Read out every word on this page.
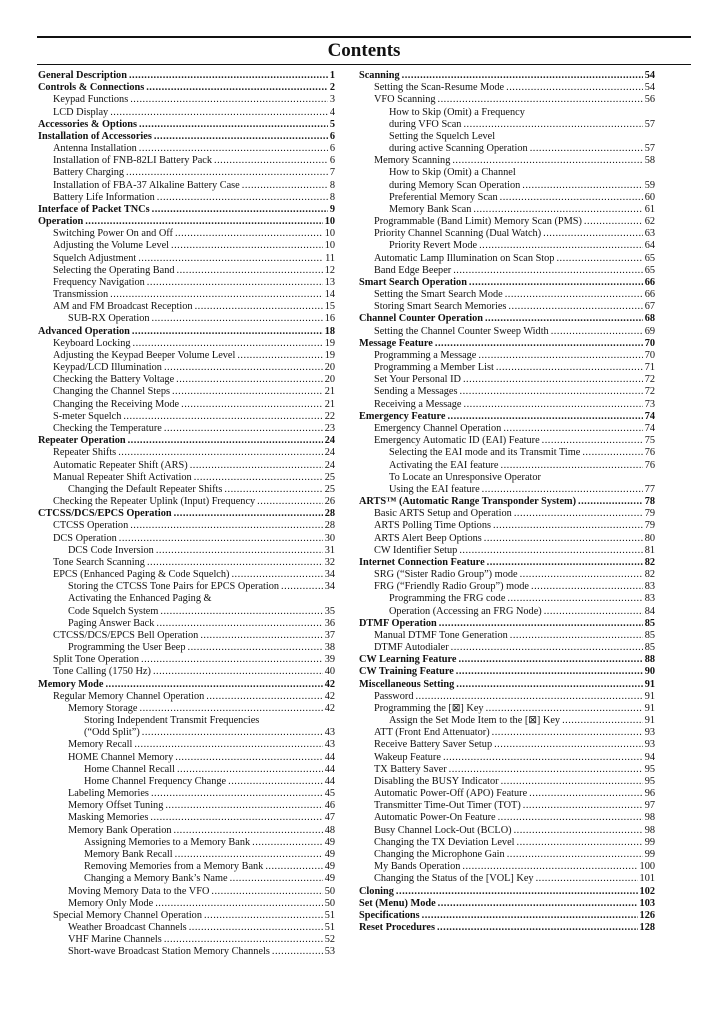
Contents
General Description .....	1
Controls & Connections .....	2
Keypad Functions .....	3
LCD Display .....	4
Accessories & Options .....	5
Installation of Accessories .....	6
Antenna Installation .....	6
Installation of FNB-82LI Battery Pack .....	6
Battery Charging .....	7
Installation of FBA-37 Alkaline Battery Case .....	8
Battery Life Information .....	8
Interface of Packet TNCs .....	9
Operation .....	10
Switching Power On and Off .....	10
Adjusting the Volume Level .....	10
Squelch Adjustment .....	11
Selecting the Operating Band .....	12
Frequency Navigation .....	13
Transmission .....	14
AM and FM Broadcast Reception .....	15
SUB-RX Operation .....	16
Advanced Operation .....	18
Keyboard Locking .....	19
Adjusting the Keypad Beeper Volume Level .....	19
Keypad/LCD Illumination .....	20
Checking the Battery Voltage .....	20
Changing the Channel Steps .....	21
Changing the Receiving Mode .....	21
S-meter Squelch .....	22
Checking the Temperature .....	23
Repeater Operation .....	24
Repeater Shifts .....	24
Automatic Repeater Shift (ARS) .....	24
Manual Repeater Shift Activation .....	25
Changing the Default Repeater Shifts .....	25
Checking the Repeater Uplink (Input) Frequency .....	26
CTCSS/DCS/EPCS Operation .....	28
CTCSS Operation .....	28
DCS Operation .....	30
DCS Code Inversion .....	31
Tone Search Scanning .....	32
EPCS (Enhanced Paging & Code Squelch) .....	34
Storing the CTCSS Tone Pairs for EPCS Operation .....	34
Activating the Enhanced Paging &
Code Squelch System .....	35
Paging Answer Back .....	36
CTCSS/DCS/EPCS Bell Operation .....	37
Programming the User Beep .....	38
Split Tone Operation .....	39
Tone Calling (1750 Hz) .....	40
Memory Mode .....	42
Regular Memory Channel Operation .....	42
Memory Storage .....	42
Storing Independent Transmit Frequencies
(“Odd Split”) .....	43
Memory Recall .....	43
HOME Channel Memory .....	44
Home Channel Recall .....	44
Home Channel Frequency Change .....	44
Labeling Memories .....	45
Memory Offset Tuning .....	46
Masking Memories .....	47
Memory Bank Operation .....	48
Assigning Memories to a Memory Bank .....	49
Memory Bank Recall .....	49
Removing Memories from a Memory Bank .....	49
Changing a Memory Bank’s Name .....	49
Moving Memory Data to the VFO .....	50
Memory Only Mode .....	50
Special Memory Channel Operation .....	51
Weather Broadcast Channels .....	51
VHF Marine Channels .....	52
Short-wave Broadcast Station Memory Channels .....	53
Scanning .....	54
Setting the Scan-Resume Mode .....	54
VFO Scanning .....	56
How to Skip (Omit) a Frequency
during VFO Scan .....	57
Setting the Squelch Level
during active Scanning Operation .....	57
Memory Scanning .....	58
How to Skip (Omit) a Channel
during Memory Scan Operation .....	59
Preferential Memory Scan .....	60
Memory Bank Scan .....	61
Programmable (Band Limit) Memory Scan (PMS) .....	62
Priority Channel Scanning (Dual Watch) .....	63
Priority Revert Mode .....	64
Automatic Lamp Illumination on Scan Stop .....	65
Band Edge Beeper .....	65
Smart Search Operation .....	66
Setting the Smart Search Mode .....	66
Storing Smart Search Memories .....	67
Channel Counter Operation .....	68
Setting the Channel Counter Sweep Width .....	69
Message Feature .....	70
Programming a Message .....	70
Programming a Member List .....	71
Set Your Personal ID .....	72
Sending a Messages .....	72
Receiving a Message .....	73
Emergency Feature .....	74
Emergency Channel Operation .....	74
Emergency Automatic ID (EAI) Feature .....	75
Selecting the EAI mode and its Transmit Time .....	76
Activating the EAI feature .....	76
To Locate an Unresponsive Operator
Using the EAI feature .....	77
ARTS™ (Automatic Range Transponder System) .....	78
Basic ARTS Setup and Operation .....	79
ARTS Polling Time Options .....	79
ARTS Alert Beep Options .....	80
CW Identifier Setup .....	81
Internet Connection Feature .....	82
SRG (“Sister Radio Group”) mode .....	82
FRG (“Friendly Radio Group”) mode .....	83
Programming the FRG code .....	83
Operation (Accessing an FRG Node) .....	84
DTMF Operation .....	85
Manual DTMF Tone Generation .....	85
DTMF Autodialer .....	85
CW Learning Feature .....	88
CW Training Feature .....	90
Miscellaneous Setting .....	91
Password .....	91
Programming the [⊠] Key .....	91
Assign the Set Mode Item to the [⊠] Key .....	91
ATT (Front End Attenuator) .....	93
Receive Battery Saver Setup .....	93
Wakeup Feature .....	94
TX Battery Saver .....	95
Disabling the BUSY Indicator .....	95
Automatic Power-Off (APO) Feature .....	96
Transmitter Time-Out Timer (TOT) .....	97
Automatic Power-On Feature .....	98
Busy Channel Lock-Out (BCLO) .....	98
Changing the TX Deviation Level .....	99
Changing the Microphone Gain .....	99
My Bands Operation .....	100
Changing the Status of the [VOL] Key .....	101
Cloning .....	102
Set (Menu) Mode .....	103
Specifications .....	126
Reset Procedures .....	128
